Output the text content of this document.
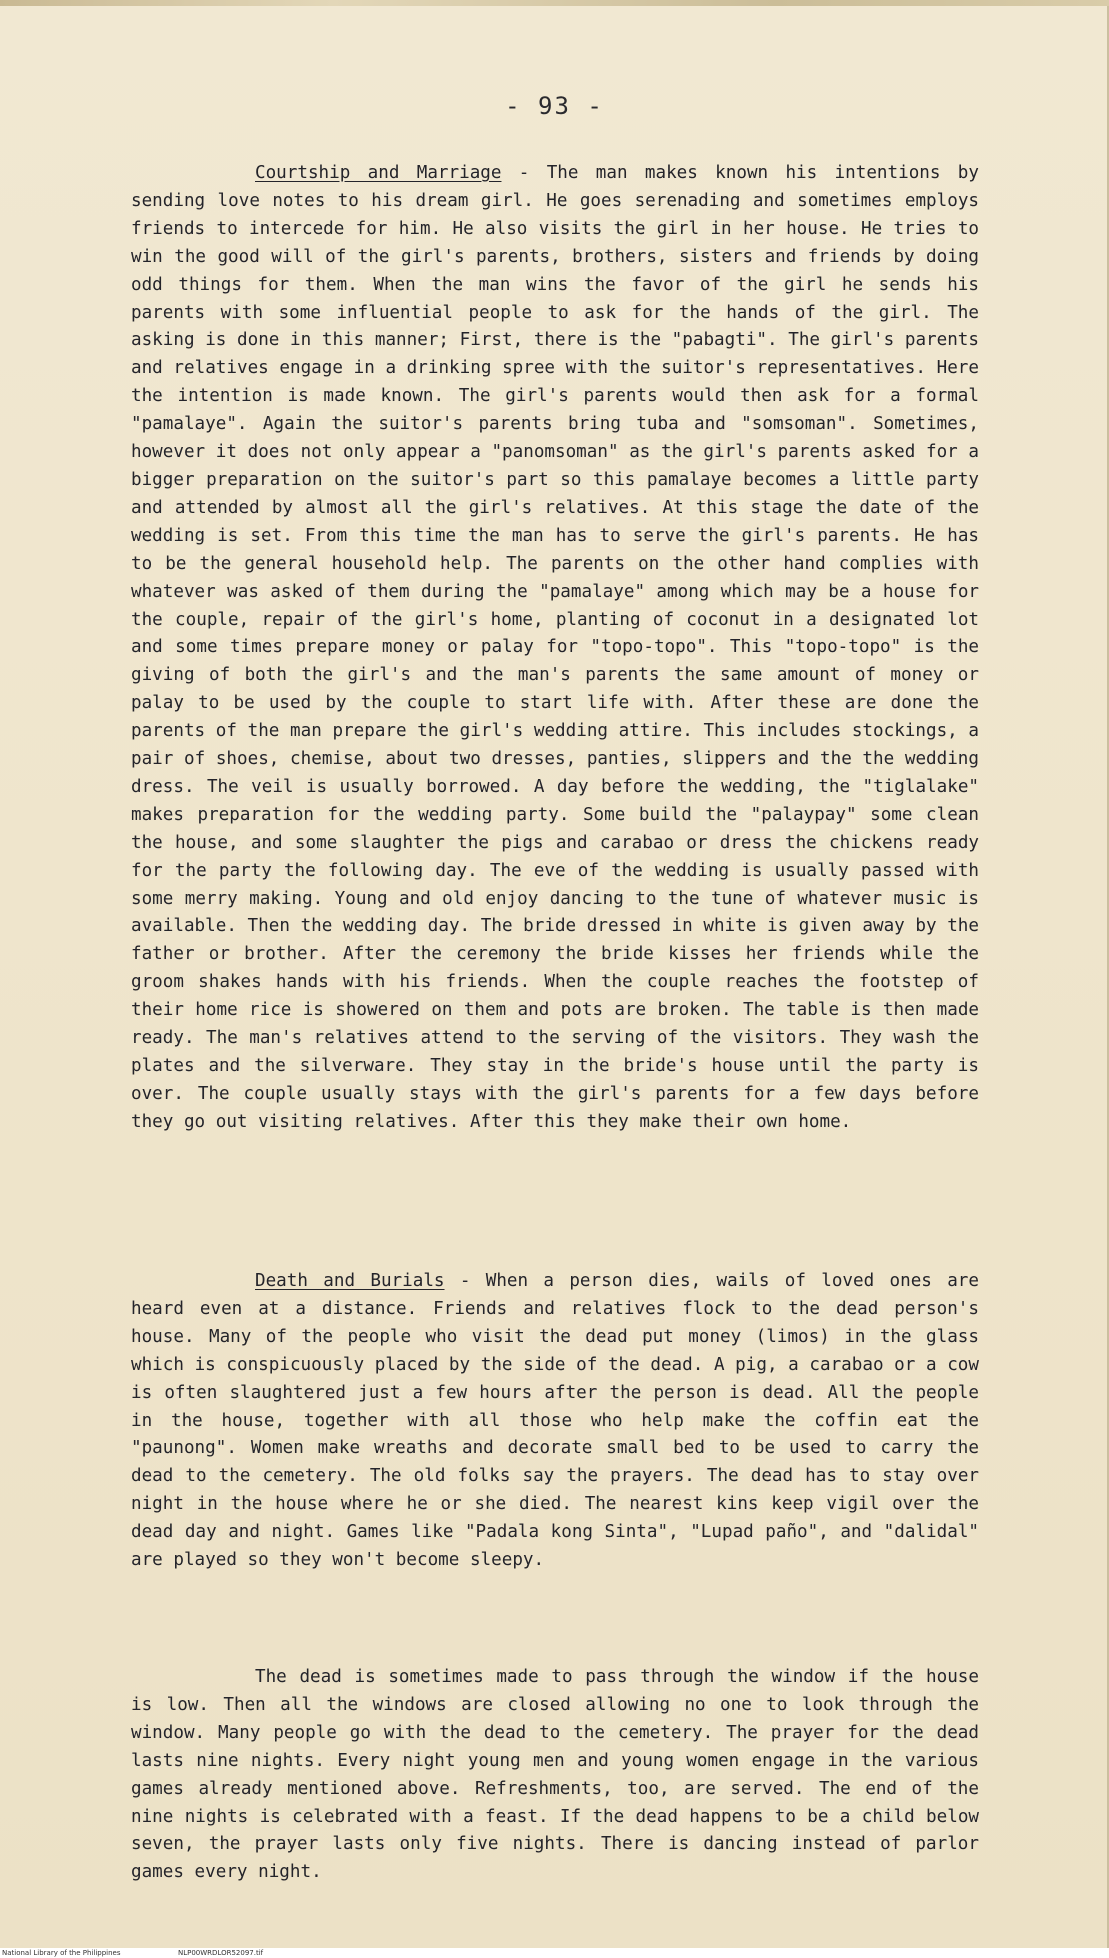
- 93 -

Courtship and Marriage - The man makes known his intentions by sending love notes to his dream girl. He goes serenading and sometimes employs friends to intercede for him. He also visits the girl in her house. He tries to win the good will of the girl's parents, brothers, sisters and friends by doing odd things for them. When the man wins the favor of the girl he sends his parents with some influential people to ask for the hands of the girl. The asking is done in this manner; First, there is the "pabagti". The girl's parents and relatives engage in a drinking spree with the suitor's representatives. Here the intention is made known. The girl's parents would then ask for a formal "pamalaye". Again the suitor's parents bring tuba and "somsoman". Sometimes, however it does not only appear a "panomsoman" as the girl's parents asked for a bigger preparation on the suitor's part so this pamalaye becomes a little party and attended by almost all the girl's relatives. At this stage the date of the wedding is set. From this time the man has to serve the girl's parents. He has to be the general household help. The parents on the other hand complies with whatever was asked of them during the "pamalaye" among which may be a house for the couple, repair of the girl's home, planting of coconut in a designated lot and some times prepare money or palay for "topo-topo". This "topo-topo" is the giving of both the girl's and the man's parents the same amount of money or palay to be used by the couple to start life with. After these are done the parents of the man prepare the girl's wedding attire. This includes stockings, a pair of shoes, chemise, about two dresses, panties, slippers and the the wedding dress. The veil is usually borrowed. A day before the wedding, the "tiglalake" makes preparation for the wedding party. Some build the "palaypay" some clean the house, and some slaughter the pigs and carabao or dress the chickens ready for the party the following day. The eve of the wedding is usually passed with some merry making. Young and old enjoy dancing to the tune of whatever music is available. Then the wedding day. The bride dressed in white is given away by the father or brother. After the ceremony the bride kisses her friends while the groom shakes hands with his friends. When the couple reaches the footstep of their home rice is showered on them and pots are broken. The table is then made ready. The man's relatives attend to the serving of the visitors. They wash the plates and the silverware. They stay in the bride's house until the party is over. The couple usually stays with the girl's parents for a few days before they go out visiting relatives. After this they make their own home.

Death and Burials - When a person dies, wails of loved ones are heard even at a distance. Friends and relatives flock to the dead person's house. Many of the people who visit the dead put money (limos) in the glass which is conspicuously placed by the side of the dead. A pig, a carabao or a cow is often slaughtered just a few hours after the person is dead. All the people in the house, together with all those who help make the coffin eat the "paunong". Women make wreaths and decorate small bed to be used to carry the dead to the cemetery. The old folks say the prayers. The dead has to stay over night in the house where he or she died. The nearest kins keep vigil over the dead day and night. Games like "Padala kong Sinta", "Lupad paño", and "dalidal" are played so they won't become sleepy.

The dead is sometimes made to pass through the window if the house is low. Then all the windows are closed allowing no one to look through the window. Many people go with the dead to the cemetery. The prayer for the dead lasts nine nights. Every night young men and young women engage in the various games already mentioned above. Refreshments, too, are served. The end of the nine nights is celebrated with a feast. If the dead happens to be a child below seven, the prayer lasts only five nights. There is dancing instead of parlor games every night.

National Library of the Philippines	NLP00WRDLOR52097.tif
